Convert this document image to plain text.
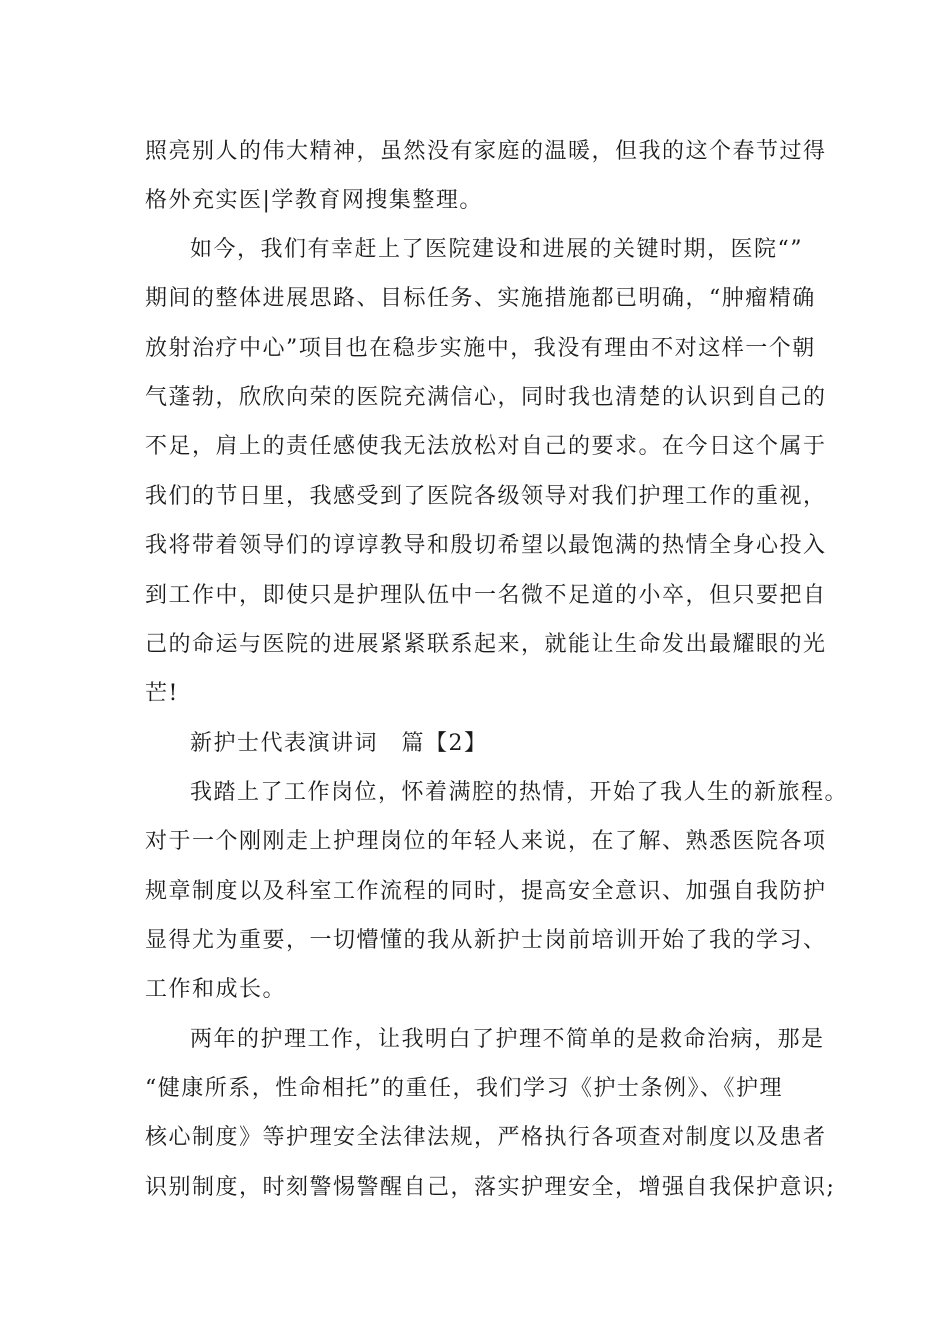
照亮别人的伟大精神，虽然没有家庭的温暖，但我的这个春节过得
格外充实医|学教育网搜集整理。
如今，我们有幸赶上了医院建设和进展的关键时期，医院“”
期间的整体进展思路、目标任务、实施措施都已明确，“肿瘤精确
放射治疗中心”项目也在稳步实施中，我没有理由不对这样一个朝
气蓬勃，欣欣向荣的医院充满信心，同时我也清楚的认识到自己的
不足，肩上的责任感使我无法放松对自己的要求。在今日这个属于
我们的节日里，我感受到了医院各级领导对我们护理工作的重视，
我将带着领导们的谆谆教导和殷切希望以最饱满的热情全身心投入
到工作中，即使只是护理队伍中一名微不足道的小卒，但只要把自
己的命运与医院的进展紧紧联系起来，就能让生命发出最耀眼的光
芒!
新护士代表演讲词　篇【2】
我踏上了工作岗位，怀着满腔的热情，开始了我人生的新旅程。
对于一个刚刚走上护理岗位的年轻人来说，在了解、熟悉医院各项
规章制度以及科室工作流程的同时，提高安全意识、加强自我防护
显得尤为重要，一切懵懂的我从新护士岗前培训开始了我的学习、
工作和成长。
两年的护理工作，让我明白了护理不简单的是救命治病，那是
“健康所系，性命相托”的重任，我们学习《护士条例》、《护理
核心制度》等护理安全法律法规，严格执行各项查对制度以及患者
识别制度，时刻警惕警醒自己，落实护理安全，增强自我保护意识;
